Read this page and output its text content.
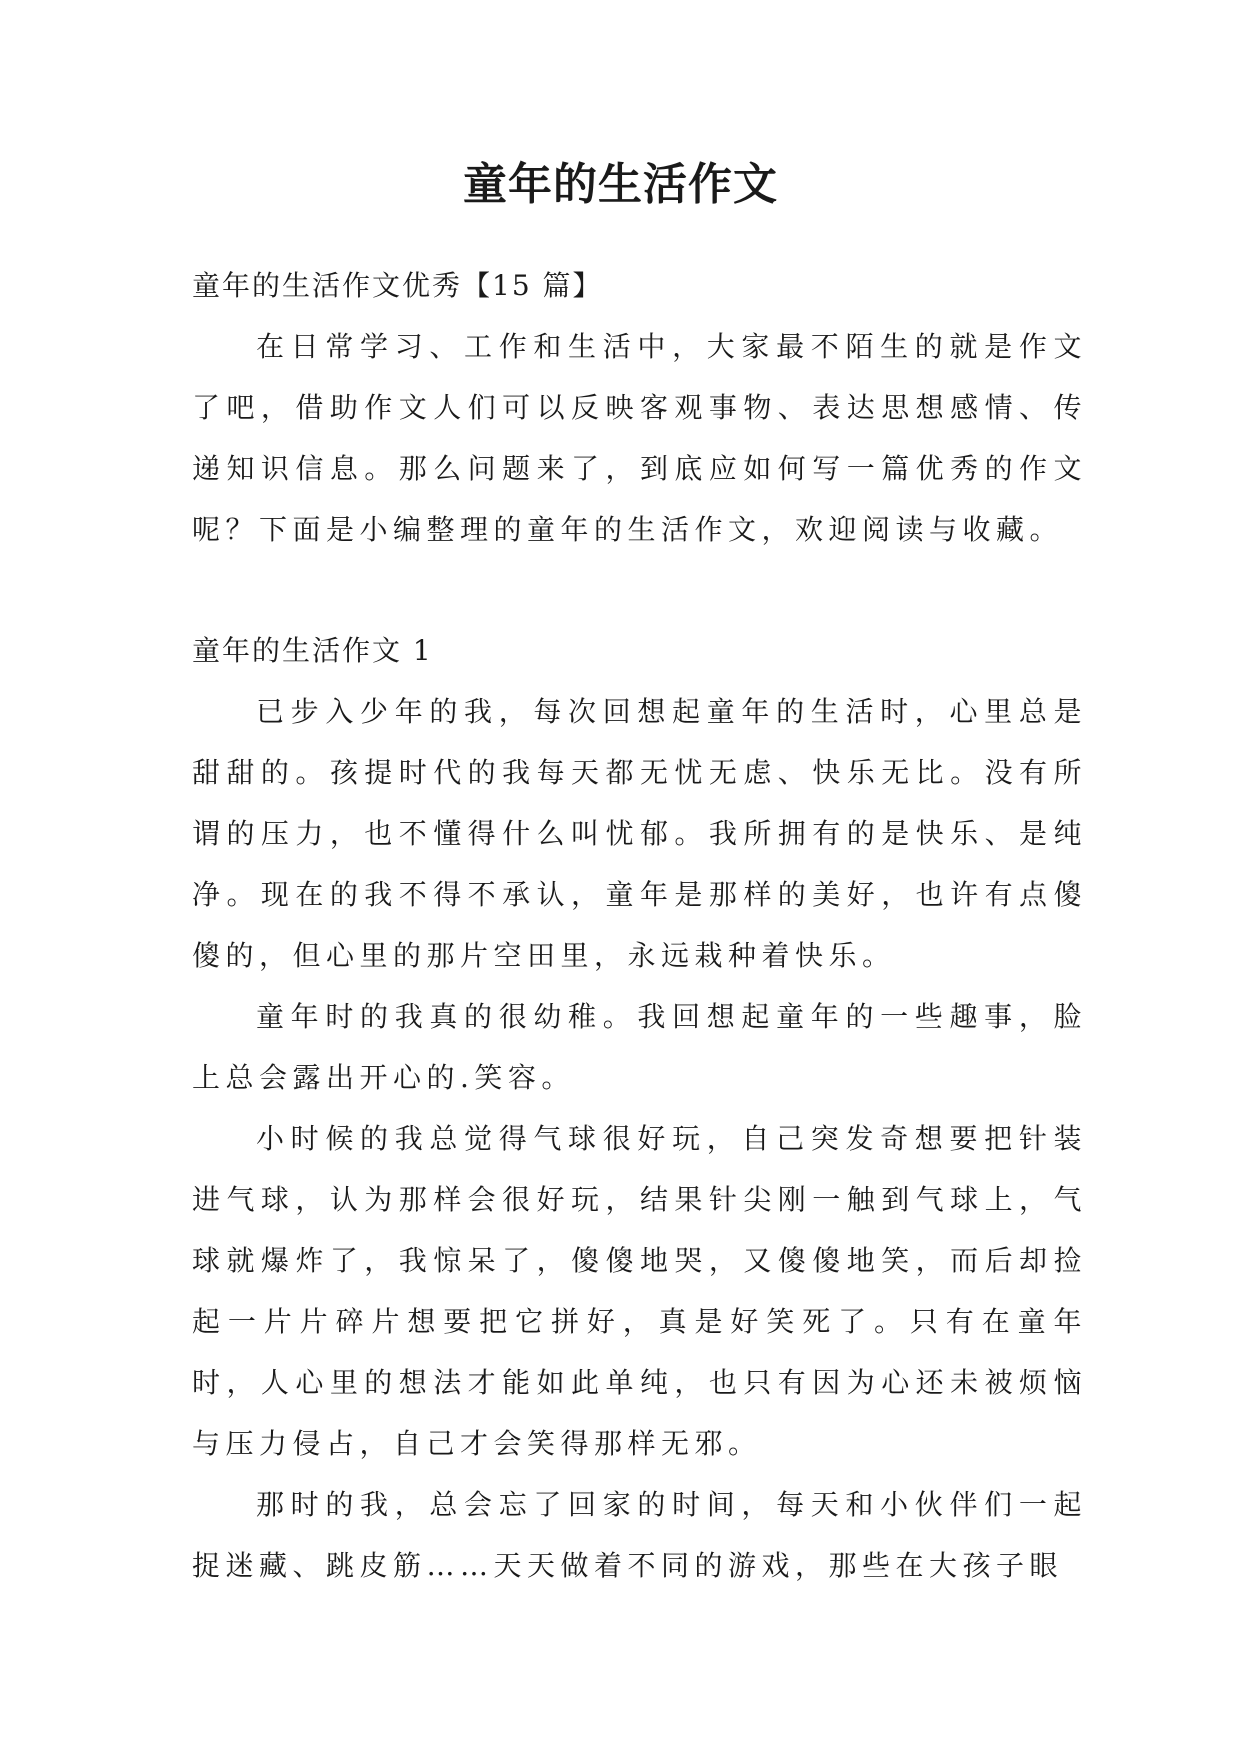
童年的生活作文

童年的生活作文优秀【15 篇】

在日常学习、工作和生活中，大家最不陌生的就是作文了吧，借助作文人们可以反映客观事物、表达思想感情、传递知识信息。那么问题来了，到底应如何写一篇优秀的作文呢？下面是小编整理的童年的生活作文，欢迎阅读与收藏。

童年的生活作文 1

已步入少年的我，每次回想起童年的生活时，心里总是甜甜的。孩提时代的我每天都无忧无虑、快乐无比。没有所谓的压力，也不懂得什么叫忧郁。我所拥有的是快乐、是纯净。现在的我不得不承认，童年是那样的美好，也许有点傻傻的，但心里的那片空田里，永远栽种着快乐。

童年时的我真的很幼稚。我回想起童年的一些趣事，脸上总会露出开心的.笑容。

小时候的我总觉得气球很好玩，自己突发奇想要把针装进气球，认为那样会很好玩，结果针尖刚一触到气球上，气球就爆炸了，我惊呆了，傻傻地哭，又傻傻地笑，而后却捡起一片片碎片想要把它拼好，真是好笑死了。只有在童年时，人心里的想法才能如此单纯，也只有因为心还未被烦恼与压力侵占，自己才会笑得那样无邪。

那时的我，总会忘了回家的时间，每天和小伙伴们一起捉迷藏、跳皮筋……天天做着不同的游戏，那些在大孩子眼
